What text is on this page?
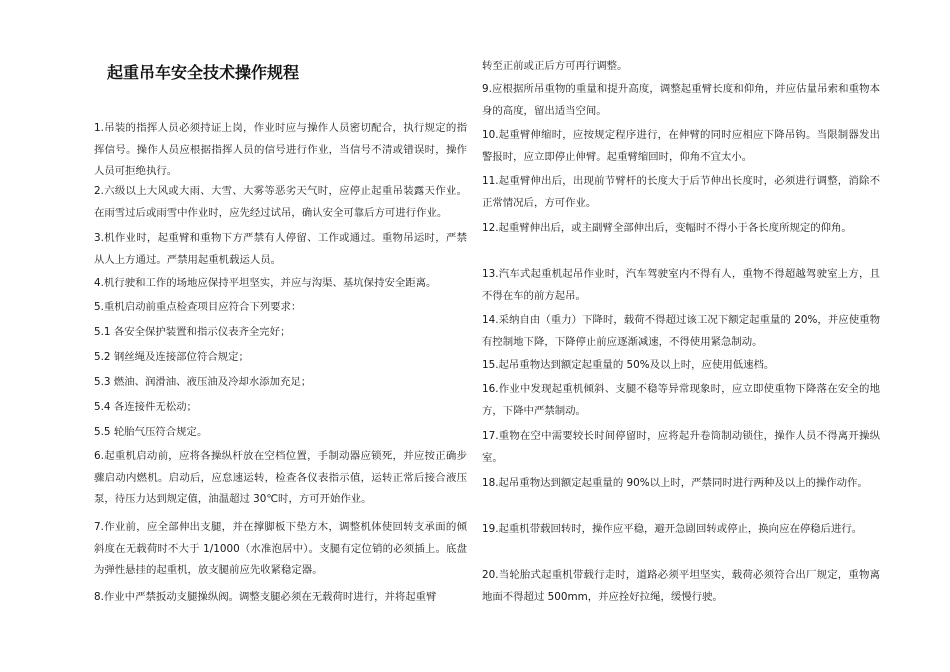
起重吊车安全技术操作规程
1.吊装的指挥人员必须持证上岗，作业时应与操作人员密切配合，执行规定的指挥信号。操作人员应根据指挥人员的信号进行作业，当信号不清或错误时，操作人员可拒绝执行。
2.六级以上大风或大雨、大雪、大雾等恶劣天气时，应停止起重吊装露天作业。在雨雪过后或雨雪中作业时，应先经过试吊，确认安全可靠后方可进行作业。
3.机作业时，起重臂和重物下方严禁有人停留、工作或通过。重物吊运时，严禁从人上方通过。严禁用起重机载运人员。
4.机行驶和工作的场地应保持平坦坚实，并应与沟渠、基坑保持安全距离。
5.重机启动前重点检查项目应符合下列要求：
5.1 各安全保护装置和指示仪表齐全完好；
5.2 钢丝绳及连接部位符合规定；
5.3 燃油、润滑油、液压油及冷却水添加充足；
5.4 各连接件无松动；
5.5 轮胎气压符合规定。
6.起重机启动前，应将各操纵杆放在空档位置，手制动器应锁死，并应按正确步骤启动内燃机。启动后，应怠速运转，检查各仪表指示值，运转正常后接合液压泵，待压力达到规定值，油温超过 30℃时，方可开始作业。
7.作业前，应全部伸出支腿，并在撑脚板下垫方木，调整机体使回转支承面的倾斜度在无载荷时不大于 1/1000（水准泡居中）。支腿有定位销的必须插上。底盘为弹性悬挂的起重机，放支腿前应先收紧稳定器。
8.作业中严禁扳动支腿操纵阀。调整支腿必须在无载荷时进行，并将起重臂
转至正前或正后方可再行调整。
9.应根据所吊重物的重量和提升高度，调整起重臂长度和仰角，并应估量吊索和重物本身的高度，留出适当空间。
10.起重臂伸缩时，应按规定程序进行，在伸臂的同时应相应下降吊钩。当限制器发出警报时，应立即停止伸臂。起重臂缩回时，仰角不宜太小。
11.起重臂伸出后，出现前节臂杆的长度大于后节伸出长度时，必须进行调整，消除不正常情况后，方可作业。
12.起重臂伸出后，或主副臂全部伸出后，变幅时不得小于各长度所规定的仰角。
13.汽车式起重机起吊作业时，汽车驾驶室内不得有人，重物不得超越驾驶室上方，且不得在车的前方起吊。
14.采纳自由（重力）下降时，载荷不得超过该工况下额定起重量的 20%，并应使重物有控制地下降，下降停止前应逐渐减速，不得使用紧急制动。
15.起吊重物达到额定起重量的 50%及以上时，应使用低速档。
16.作业中发现起重机倾斜、支腿不稳等异常现象时，应立即使重物下降落在安全的地方，下降中严禁制动。
17.重物在空中需要较长时间停留时，应将起升卷筒制动锁住，操作人员不得离开操纵室。
18.起吊重物达到额定起重量的 90%以上时，严禁同时进行两种及以上的操作动作。
19.起重机带载回转时，操作应平稳，避开急剧回转或停止，换向应在停稳后进行。
20.当轮胎式起重机带载行走时，道路必须平坦坚实，载荷必须符合出厂规定，重物离地面不得超过 500mm，并应拴好拉绳，缓慢行驶。
